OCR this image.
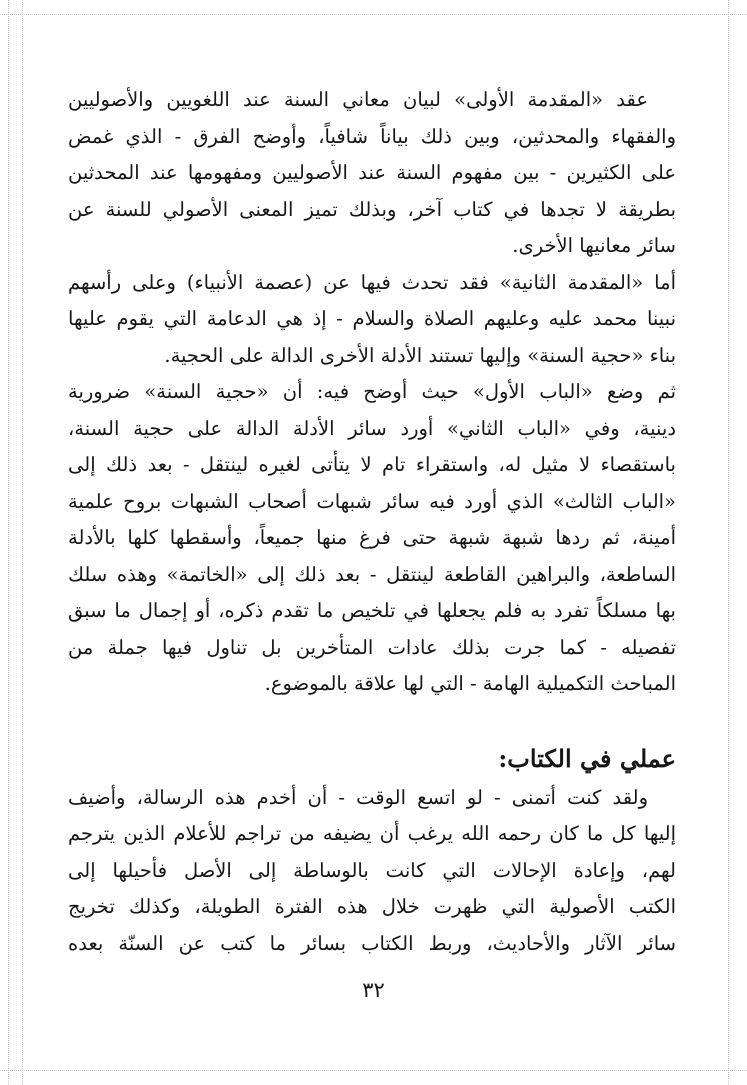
عقد «المقدمة الأولى» لبيان معاني السنة عند اللغويين والأصوليين
والفقهاء والمحدثين، وبين ذلك بياناً شافياً، وأوضح الفرق - الذي غمض
على الكثيرين - بين مفهوم السنة عند الأصوليين ومفهومها عند المحدثين
بطريقة لا تجدها في كتاب آخر، وبذلك تميز المعنى الأصولي للسنة عن
سائر معانيها الأخرى.
أما «المقدمة الثانية» فقد تحدث فيها عن (عصمة الأنبياء) وعلى رأسهم
نبينا محمد عليه وعليهم الصلاة والسلام - إذ هي الدعامة التي يقوم عليها
بناء «حجية السنة» وإليها تستند الأدلة الأخرى الدالة على الحجية.
ثم وضع «الباب الأول» حيث أوضح فيه: أن «حجية السنة» ضرورية
دينية، وفي «الباب الثاني» أورد سائر الأدلة الدالة على حجية السنة،
باستقصاء لا مثيل له، واستقراء تام لا يتأتى لغيره لينتقل - بعد ذلك إلى
«الباب الثالث» الذي أورد فيه سائر شبهات أصحاب الشبهات بروح علمية
أمينة، ثم ردها شبهة شبهة حتى فرغ منها جميعاً، وأسقطها كلها بالأدلة
الساطعة، والبراهين القاطعة لينتقل - بعد ذلك إلى «الخاتمة» وهذه سلك
بها مسلكاً تفرد به فلم يجعلها في تلخيص ما تقدم ذكره، أو إجمال ما سبق
تفصيله - كما جرت بذلك عادات المتأخرين بل تناول فيها جملة من
المباحث التكميلية الهامة - التي لها علاقة بالموضوع.
عملي في الكتاب:
ولقد كنت أتمنى - لو اتسع الوقت - أن أخدم هذه الرسالة، وأضيف
إليها كل ما كان رحمه الله يرغب أن يضيفه من تراجم للأعلام الذين يترجم
لهم، وإعادة الإحالات التي كانت بالوساطة إلى الأصل فأحيلها إلى
الكتب الأصولية التي ظهرت خلال هذه الفترة الطويلة، وكذلك تخريج
سائر الآثار والأحاديث، وربط الكتاب بسائر ما كتب عن السنّة بعده
٣٢
